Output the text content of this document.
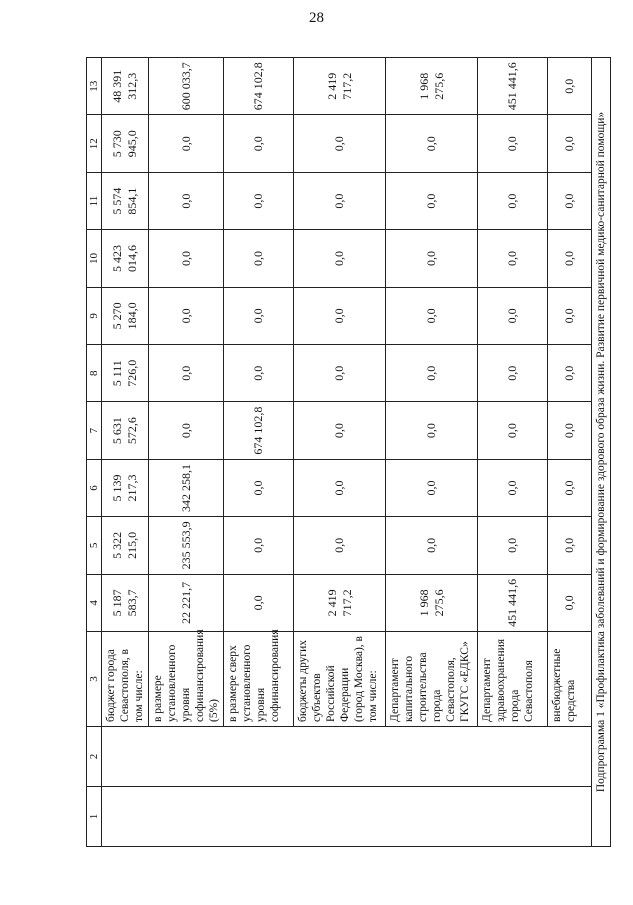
28
1	2	3	4	5	6	7	8	9	10	11	12	13
		бюджет города Севастополя, в том числе:	5 187 583,7	5 322 215,0	5 139 217,3	5 631 572,6	5 111 726,0	5 270 184,0	5 423 014,6	5 574 854,1	5 730 945,0	48 391 312,3
		в размере установленного уровня софинансирования (5%)	22 221,7	235 553,9	342 258,1	0,0	0,0	0,0	0,0	0,0	0,0	600 033,7
		в размере сверх установленного уровня софинансирования	0,0	0,0	0,0	674 102,8	0,0	0,0	0,0	0,0	0,0	674 102,8
		бюджеты других субъектов Российской Федерации (город Москва), в том числе:	2 419 717,2	0,0	0,0	0,0	0,0	0,0	0,0	0,0	0,0	2 419 717,2
		Департамент капитального строительства города Севастополя, ГКУГС «ЕДКС»	1 968 275,6	0,0	0,0	0,0	0,0	0,0	0,0	0,0	0,0	1 968 275,6
		Департамент здравоохранения города Севастополя	451 441,6	0,0	0,0	0,0	0,0	0,0	0,0	0,0	0,0	451 441,6
		внебюджетные средства	0,0	0,0	0,0	0,0	0,0	0,0	0,0	0,0	0,0	0,0
Подпрограмма 1 «Профилактика заболеваний и формирование здорового образа жизни. Развитие первичной медико-санитарной помощи»												
